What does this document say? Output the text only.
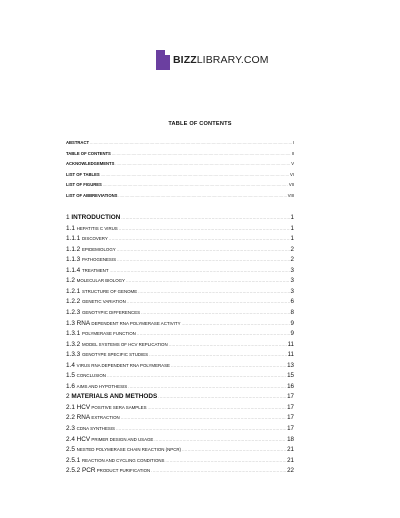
BIZZLIBRARY.COM
TABLE OF CONTENTS
ABSTRACT .....	I
TABLE OF CONTENTS .....	II
ACKNOWLEDGEMENTS .....	V
LIST OF TABLES .....	VI
LIST OF FIGURES .....	VII
LIST OF ABBREVIATIONS .....	VIII
1 INTRODUCTION .....	1
1.1 HEPATITIS C VIRUS .....	1
1.1.1 DISCOVERY .....	1
1.1.2 EPIDEMIOLOGY .....	2
1.1.3 PATHOGENESIS .....	2
1.1.4 TREATMENT .....	3
1.2 MOLECULAR BIOLOGY .....	3
1.2.1 STRUCTURE OF GENOME .....	3
1.2.2 GENETIC VARIATION .....	6
1.2.3 GENOTYPIC DIFFERENCES .....	8
1.3 RNA DEPENDENT RNA POLYMERASE ACTIVITY .....	9
1.3.1 POLYMERASE FUNCTION .....	9
1.3.2 MODEL SYSTEMS OF HCV REPLICATION .....	11
1.3.3 GENOTYPE SPECIFIC STUDIES .....	11
1.4 VIRUS RNA DEPENDENT RNA POLYMERASE .....	13
1.5 CONCLUSION .....	15
1.6 AIMS AND HYPOTHESIS .....	16
2 MATERIALS AND METHODS .....	17
2.1 HCV POSITIVE SERA SAMPLES .....	17
2.2 RNA EXTRACTION .....	17
2.3 CDNA SYNTHESIS .....	17
2.4 HCV PRIMER DESIGN AND USAGE .....	18
2.5 NESTED POLYMERASE CHAIN REACTION (NPCR) .....	21
2.5.1 REACTION AND CYCLING CONDITIONS .....	21
2.5.2 PCR PRODUCT PURIFICATION .....	22
